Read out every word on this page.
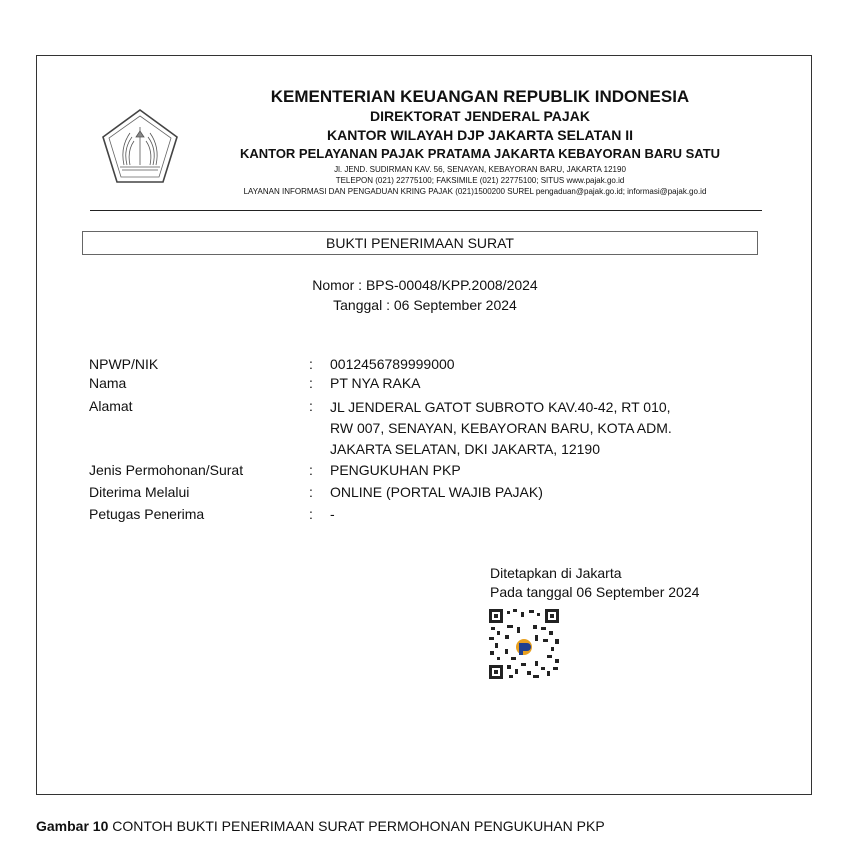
KEMENTERIAN KEUANGAN REPUBLIK INDONESIA
DIREKTORAT JENDERAL PAJAK
KANTOR WILAYAH DJP JAKARTA SELATAN II
KANTOR PELAYANAN PAJAK PRATAMA JAKARTA KEBAYORAN BARU SATU
Jl. JEND. SUDIRMAN KAV. 56, SENAYAN, KEBAYORAN BARU, JAKARTA 12190
TELEPON (021) 22775100; FAKSIMILE (021) 22775100; SITUS www.pajak.go.id
LAYANAN INFORMASI DAN PENGADUAN KRING PAJAK (021)1500200 SUREL pengaduan@pajak.go.id; informasi@pajak.go.id
BUKTI PENERIMAAN SURAT
Nomor : BPS-00048/KPP.2008/2024
Tanggal : 06 September 2024
NPWP/NIK	: 0012456789999000
Nama	: PT NYA RAKA
Alamat	: JL JENDERAL GATOT SUBROTO KAV.40-42, RT 010,
RW 007, SENAYAN, KEBAYORAN BARU, KOTA ADM.
JAKARTA SELATAN, DKI JAKARTA, 12190
Jenis Permohonan/Surat	: PENGUKUHAN PKP
Diterima Melalui	: ONLINE (PORTAL WAJIB PAJAK)
Petugas Penerima	: -
Ditetapkan di Jakarta
Pada tanggal 06 September 2024
Gambar 10 CONTOH BUKTI PENERIMAAN SURAT PERMOHONAN PENGUKUHAN PKP
